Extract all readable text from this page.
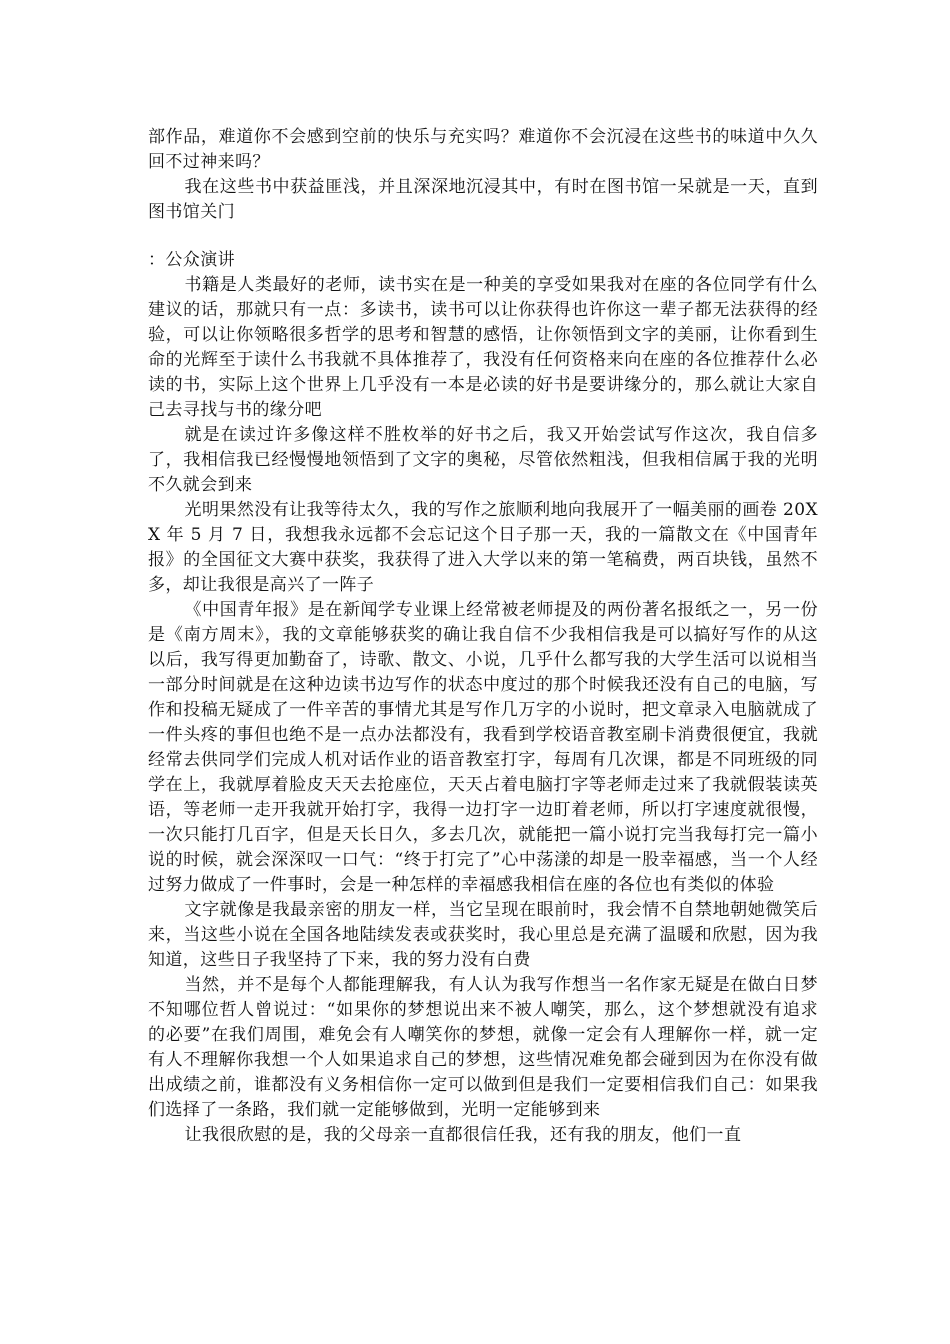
部作品，难道你不会感到空前的快乐与充实吗？难道你不会沉浸在这些书的味道中久久回不过神来吗？

我在这些书中获益匪浅，并且深深地沉浸其中，有时在图书馆一呆就是一天，直到图书馆关门

：公众演讲

书籍是人类最好的老师，读书实在是一种美的享受如果我对在座的各位同学有什么建议的话，那就只有一点：多读书，读书可以让你获得也许你这一辈子都无法获得的经验，可以让你领略很多哲学的思考和智慧的感悟，让你领悟到文字的美丽，让你看到生命的光辉至于读什么书我就不具体推荐了，我没有任何资格来向在座的各位推荐什么必读的书，实际上这个世界上几乎没有一本是必读的好书是要讲缘分的，那么就让大家自己去寻找与书的缘分吧

就是在读过许多像这样不胜枚举的好书之后，我又开始尝试写作这次，我自信多了，我相信我已经慢慢地领悟到了文字的奥秘，尽管依然粗浅，但我相信属于我的光明不久就会到来

光明果然没有让我等待太久，我的写作之旅顺利地向我展开了一幅美丽的画卷 20XX 年 5 月 7 日，我想我永远都不会忘记这个日子那一天，我的一篇散文在《中国青年报》的全国征文大赛中获奖，我获得了进入大学以来的第一笔稿费，两百块钱，虽然不多，却让我很是高兴了一阵子

《中国青年报》是在新闻学专业课上经常被老师提及的两份著名报纸之一，另一份是《南方周末》，我的文章能够获奖的确让我自信不少我相信我是可以搞好写作的从这以后，我写得更加勤奋了，诗歌、散文、小说，几乎什么都写我的大学生活可以说相当一部分时间就是在这种边读书边写作的状态中度过的那个时候我还没有自己的电脑，写作和投稿无疑成了一件辛苦的事情尤其是写作几万字的小说时，把文章录入电脑就成了一件头疼的事但也绝不是一点办法都没有，我看到学校语音教室刷卡消费很便宜，我就经常去供同学们完成人机对话作业的语音教室打字，每周有几次课，都是不同班级的同学在上，我就厚着脸皮天天去抢座位，天天占着电脑打字等老师走过来了我就假装读英语，等老师一走开我就开始打字，我得一边打字一边盯着老师，所以打字速度就很慢，一次只能打几百字，但是天长日久，多去几次，就能把一篇小说打完当我每打完一篇小说的时候，就会深深叹一口气：“终于打完了”心中荡漾的却是一股幸福感，当一个人经过努力做成了一件事时，会是一种怎样的幸福感我相信在座的各位也有类似的体验

文字就像是我最亲密的朋友一样，当它呈现在眼前时，我会情不自禁地朝她微笑后来，当这些小说在全国各地陆续发表或获奖时，我心里总是充满了温暖和欣慰，因为我知道，这些日子我坚持了下来，我的努力没有白费

当然，并不是每个人都能理解我，有人认为我写作想当一名作家无疑是在做白日梦不知哪位哲人曾说过：“如果你的梦想说出来不被人嘲笑，那么，这个梦想就没有追求的必要”在我们周围，难免会有人嘲笑你的梦想，就像一定会有人理解你一样，就一定有人不理解你我想一个人如果追求自己的梦想，这些情况难免都会碰到因为在你没有做出成绩之前，谁都没有义务相信你一定可以做到但是我们一定要相信我们自己：如果我们选择了一条路，我们就一定能够做到，光明一定能够到来

让我很欣慰的是，我的父母亲一直都很信任我，还有我的朋友，他们一直
